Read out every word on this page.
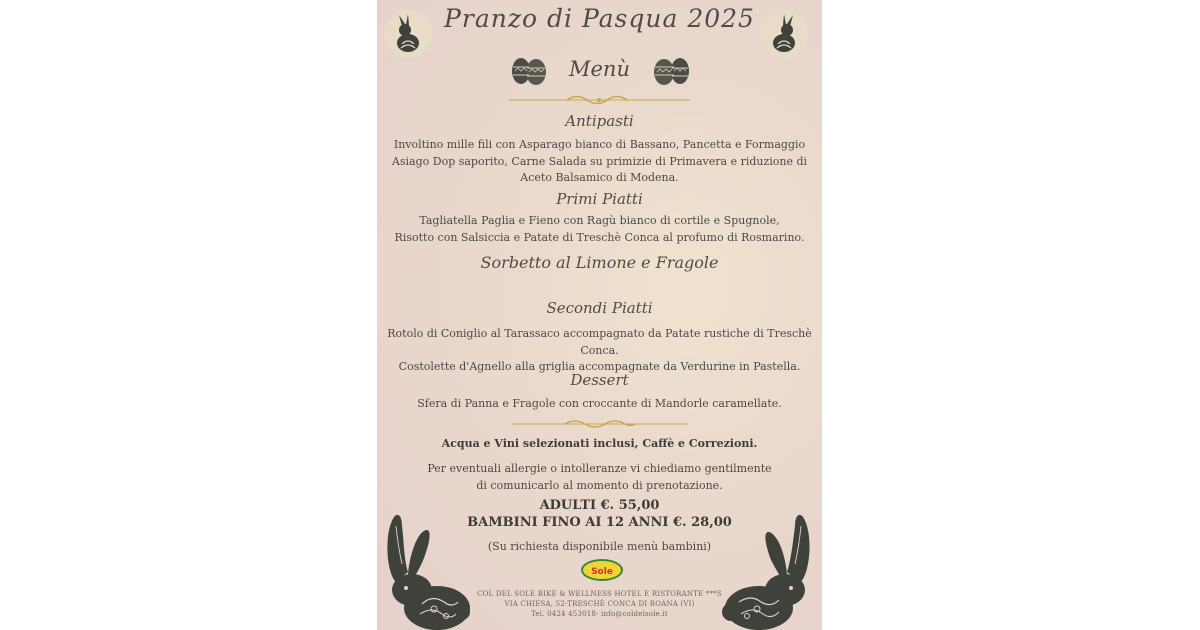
Pranzo di Pasqua 2025
Menù
Antipasti
Involtino mille fili con Asparago bianco di Bassano, Pancetta e Formaggio
Asiago Dop saporito, Carne Salada su primizie di Primavera e riduzione di
Aceto Balsamico di Modena.
Primi Piatti
Tagliatella Paglia e Fieno con Ragù bianco di cortile e Spugnole,
Risotto con Salsiccia e Patate di Treschè Conca al profumo di Rosmarino.
Sorbetto al Limone e Fragole
Secondi Piatti
Rotolo di Coniglio al Tarassaco accompagnato da Patate rustiche di Treschè Conca.
Costolette d'Agnello alla griglia accompagnate da Verdurine in Pastella.
Dessert
Sfera di Panna e Fragole con croccante di Mandorle caramellate.
Acqua e Vini selezionati inclusi, Caffè e Correzioni.
Per eventuali allergie o intolleranze vi chiediamo gentilmente
di comunicarlo al momento di prenotazione.
ADULTI €. 55,00
BAMBINI FINO AI 12 ANNI €. 28,00
(Su richiesta disponibile menù bambini)
Sole
COL DEL SOLE BIKE & WELLNESS HOTEL E RISTORANTE ***S
VIA CHIESA, 52-TRESCHÈ CONCA DI ROANA (VI)
Tel. 0424 453018- info@coldelsole.it
